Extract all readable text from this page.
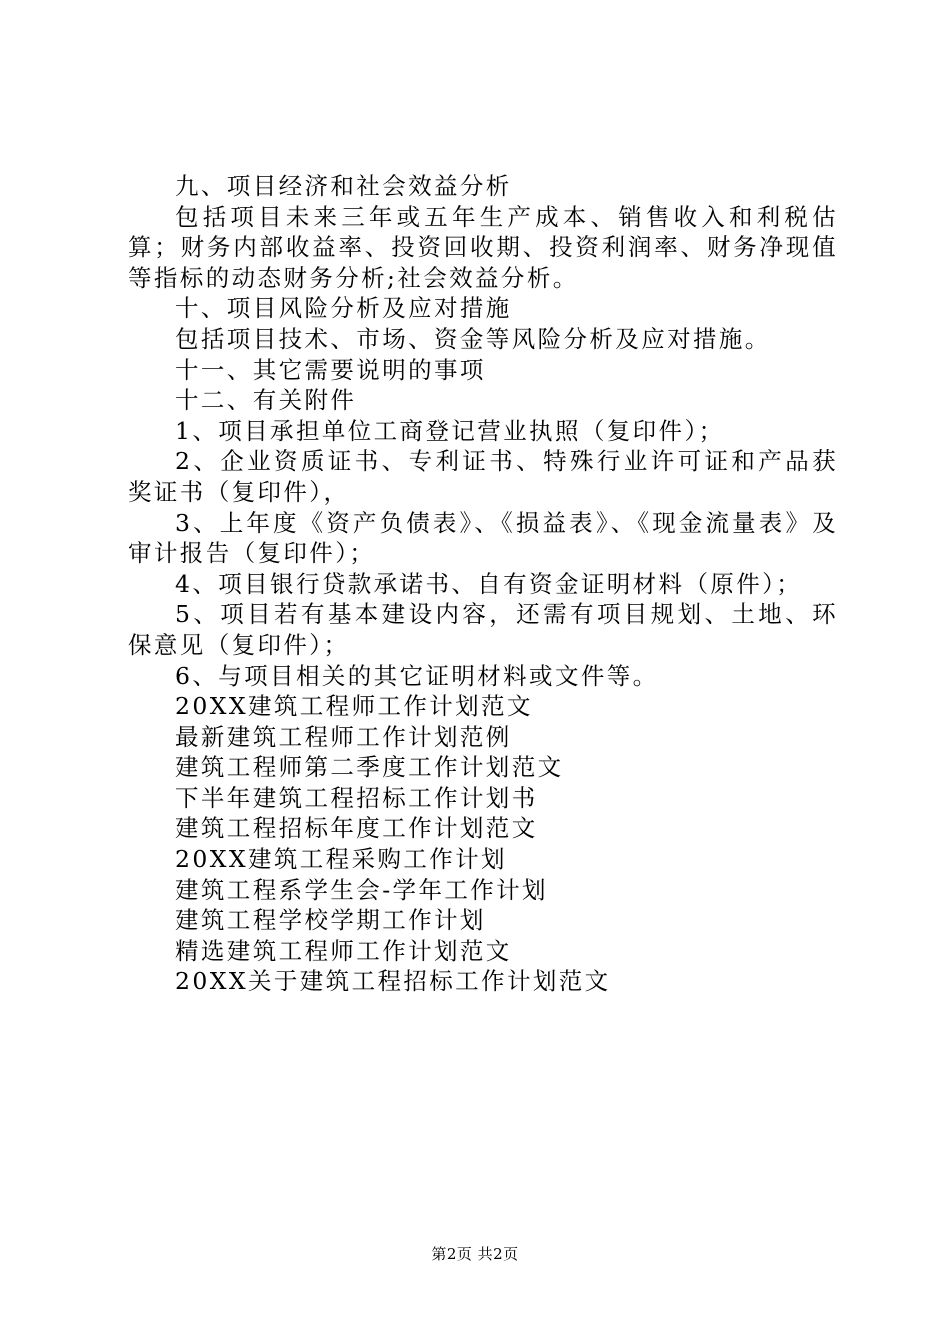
九、项目经济和社会效益分析

包括项目未来三年或五年生产成本、销售收入和利税估算；财务内部收益率、投资回收期、投资利润率、财务净现值等指标的动态财务分析;社会效益分析。

十、项目风险分析及应对措施

包括项目技术、市场、资金等风险分析及应对措施。

十一、其它需要说明的事项

十二、有关附件

1、项目承担单位工商登记营业执照（复印件）；

2、企业资质证书、专利证书、特殊行业许可证和产品获奖证书（复印件），

3、上年度《资产负债表》、《损益表》、《现金流量表》及审计报告（复印件）；

4、项目银行贷款承诺书、自有资金证明材料（原件）；

5、项目若有基本建设内容，还需有项目规划、土地、环保意见（复印件）；

6、与项目相关的其它证明材料或文件等。

20XX建筑工程师工作计划范文

最新建筑工程师工作计划范例

建筑工程师第二季度工作计划范文

下半年建筑工程招标工作计划书

建筑工程招标年度工作计划范文

20XX建筑工程采购工作计划

建筑工程系学生会-学年工作计划

建筑工程学校学期工作计划

精选建筑工程师工作计划范文

20XX关于建筑工程招标工作计划范文

第2页 共2页
